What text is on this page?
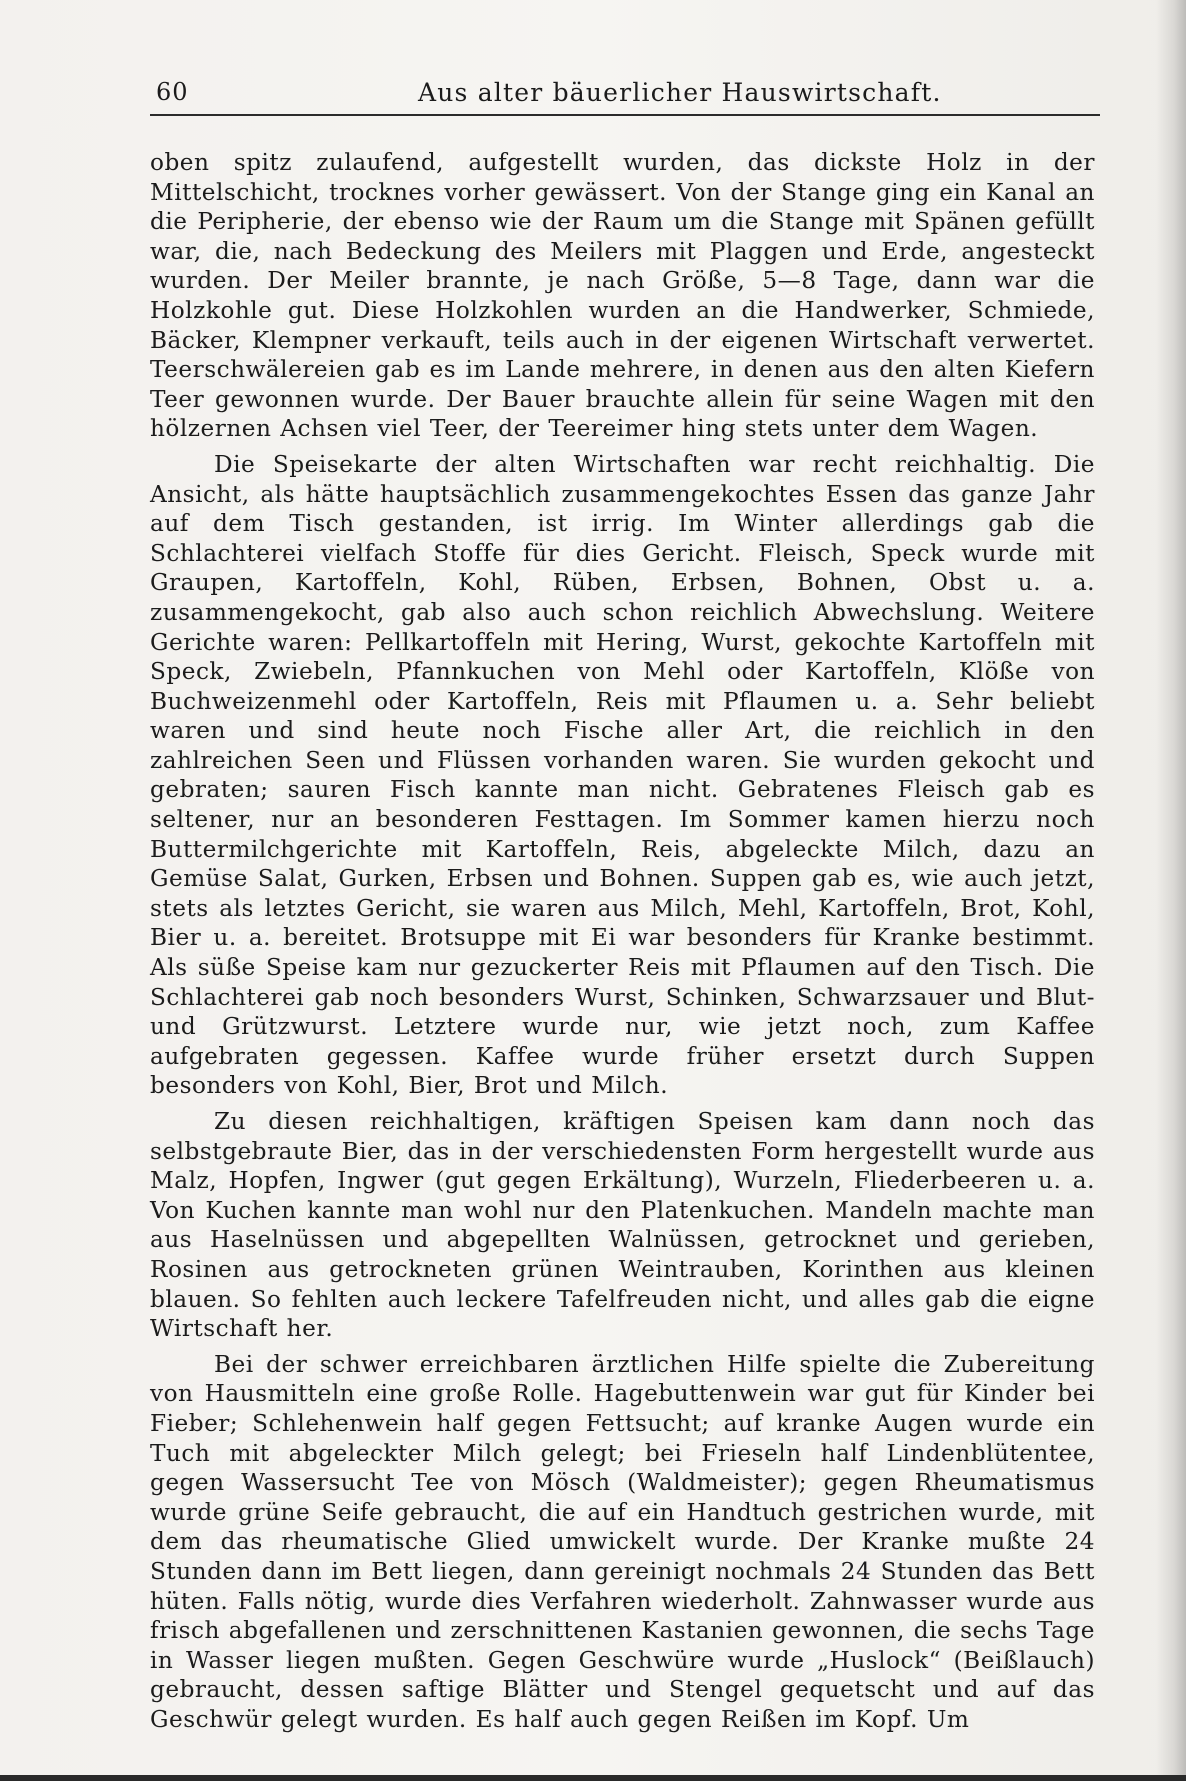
60	Aus alter bäuerlicher Hauswirtschaft.

oben spitz zulaufend, aufgestellt wurden, das dickste Holz in der Mittelschicht, trocknes vorher gewässert. Von der Stange ging ein Kanal an die Peripherie, der ebenso wie der Raum um die Stange mit Spänen gefüllt war, die, nach Bedeckung des Meilers mit Plaggen und Erde, angesteckt wurden. Der Meiler brannte, je nach Größe, 5—8 Tage, dann war die Holzkohle gut. Diese Holzkohlen wurden an die Handwerker, Schmiede, Bäcker, Klempner verkauft, teils auch in der eigenen Wirtschaft verwertet. Teerschwälereien gab es im Lande mehrere, in denen aus den alten Kiefern Teer gewonnen wurde. Der Bauer brauchte allein für seine Wagen mit den hölzernen Achsen viel Teer, der Teereimer hing stets unter dem Wagen.

Die Speisekarte der alten Wirtschaften war recht reichhaltig. Die Ansicht, als hätte hauptsächlich zusammengekochtes Essen das ganze Jahr auf dem Tisch gestanden, ist irrig. Im Winter allerdings gab die Schlachterei vielfach Stoffe für dies Gericht. Fleisch, Speck wurde mit Graupen, Kartoffeln, Kohl, Rüben, Erbsen, Bohnen, Obst u. a. zusammengekocht, gab also auch schon reichlich Abwechslung. Weitere Gerichte waren: Pellkartoffeln mit Hering, Wurst, gekochte Kartoffeln mit Speck, Zwiebeln, Pfannkuchen von Mehl oder Kartoffeln, Klöße von Buchweizenmehl oder Kartoffeln, Reis mit Pflaumen u. a. Sehr beliebt waren und sind heute noch Fische aller Art, die reichlich in den zahlreichen Seen und Flüssen vorhanden waren. Sie wurden gekocht und gebraten; sauren Fisch kannte man nicht. Gebratenes Fleisch gab es seltener, nur an besonderen Festtagen. Im Sommer kamen hierzu noch Buttermilchgerichte mit Kartoffeln, Reis, abgeleckte Milch, dazu an Gemüse Salat, Gurken, Erbsen und Bohnen. Suppen gab es, wie auch jetzt, stets als letztes Gericht, sie waren aus Milch, Mehl, Kartoffeln, Brot, Kohl, Bier u. a. bereitet. Brotsuppe mit Ei war besonders für Kranke bestimmt. Als süße Speise kam nur gezuckerter Reis mit Pflaumen auf den Tisch. Die Schlachterei gab noch besonders Wurst, Schinken, Schwarzsauer und Blut- und Grützwurst. Letztere wurde nur, wie jetzt noch, zum Kaffee aufgebraten gegessen. Kaffee wurde früher ersetzt durch Suppen besonders von Kohl, Bier, Brot und Milch.

Zu diesen reichhaltigen, kräftigen Speisen kam dann noch das selbstgebraute Bier, das in der verschiedensten Form hergestellt wurde aus Malz, Hopfen, Ingwer (gut gegen Erkältung), Wurzeln, Fliederbeeren u. a. Von Kuchen kannte man wohl nur den Platenkuchen. Mandeln machte man aus Haselnüssen und abgepellten Walnüssen, getrocknet und gerieben, Rosinen aus getrockneten grünen Weintrauben, Korinthen aus kleinen blauen. So fehlten auch leckere Tafelfreuden nicht, und alles gab die eigne Wirtschaft her.

Bei der schwer erreichbaren ärztlichen Hilfe spielte die Zubereitung von Hausmitteln eine große Rolle. Hagebuttenwein war gut für Kinder bei Fieber; Schlehenwein half gegen Fettsucht; auf kranke Augen wurde ein Tuch mit abgeleckter Milch gelegt; bei Frieseln half Lindenblütentee, gegen Wassersucht Tee von Mösch (Waldmeister); gegen Rheumatismus wurde grüne Seife gebraucht, die auf ein Handtuch gestrichen wurde, mit dem das rheumatische Glied umwickelt wurde. Der Kranke mußte 24 Stunden dann im Bett liegen, dann gereinigt nochmals 24 Stunden das Bett hüten. Falls nötig, wurde dies Verfahren wiederholt. Zahnwasser wurde aus frisch abgefallenen und zerschnittenen Kastanien gewonnen, die sechs Tage in Wasser liegen mußten. Gegen Geschwüre wurde „Huslock“ (Beißlauch) gebraucht, dessen saftige Blätter und Stengel gequetscht und auf das Geschwür gelegt wurden. Es half auch gegen Reißen im Kopf. Um
